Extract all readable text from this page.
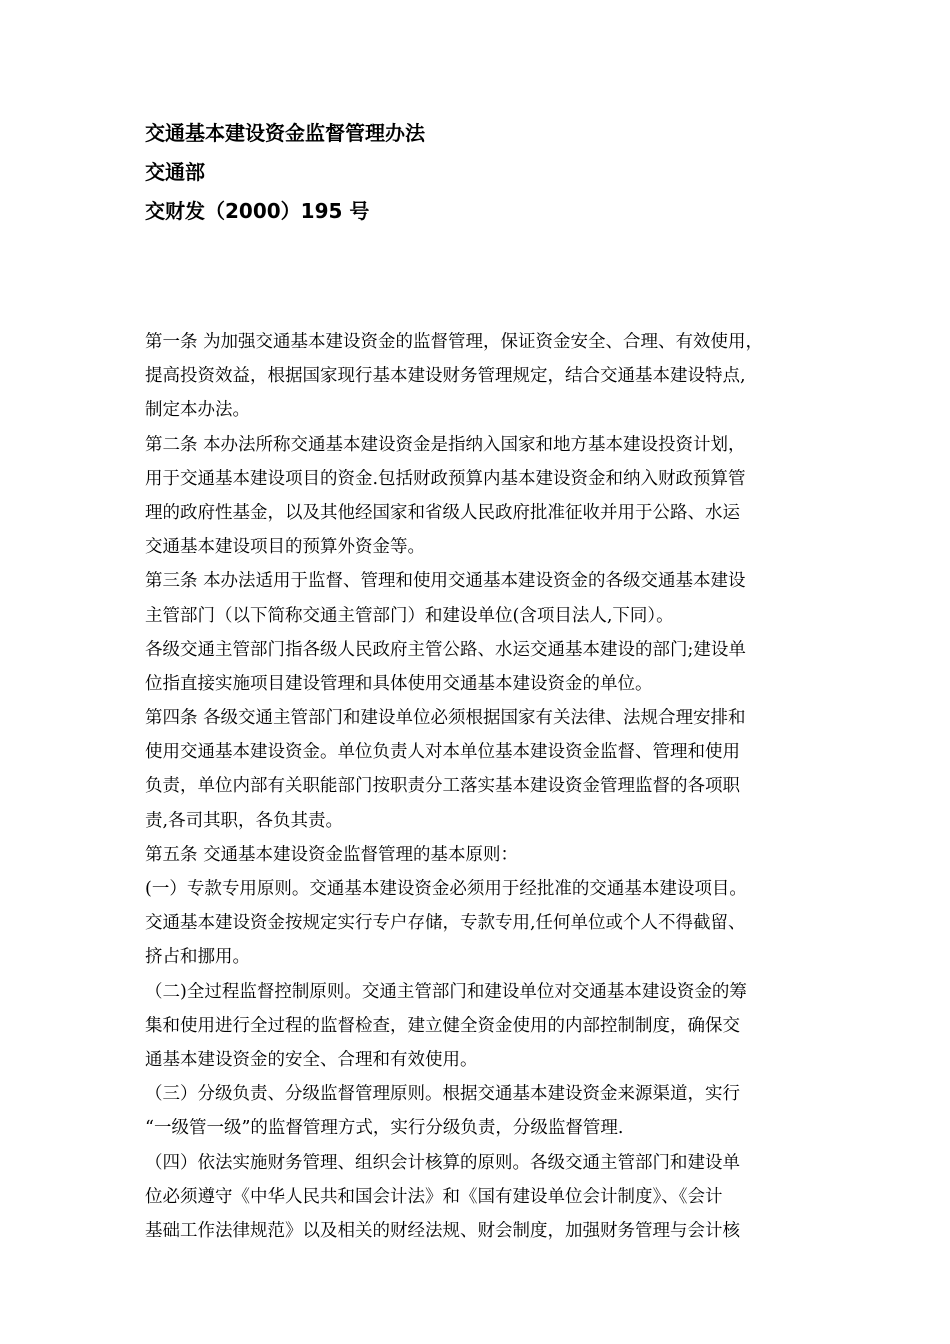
交通基本建设资金监督管理办法
交通部
交财发（2000）195 号
第一条 为加强交通基本建设资金的监督管理，保证资金安全、合理、有效使用，
提高投资效益，根据国家现行基本建设财务管理规定，结合交通基本建设特点,
制定本办法。
第二条 本办法所称交通基本建设资金是指纳入国家和地方基本建设投资计划，
用于交通基本建设项目的资金.包括财政预算内基本建设资金和纳入财政预算管
理的政府性基金，以及其他经国家和省级人民政府批准征收并用于公路、水运
交通基本建设项目的预算外资金等。
第三条 本办法适用于监督、管理和使用交通基本建设资金的各级交通基本建设
主管部门（以下简称交通主管部门）和建设单位(含项目法人,下同）。
各级交通主管部门指各级人民政府主管公路、水运交通基本建设的部门;建设单
位指直接实施项目建设管理和具体使用交通基本建设资金的单位。
第四条 各级交通主管部门和建设单位必须根据国家有关法律、法规合理安排和
使用交通基本建设资金。单位负责人对本单位基本建设资金监督、管理和使用
负责，单位内部有关职能部门按职责分工落实基本建设资金管理监督的各项职
责,各司其职，各负其责。
第五条 交通基本建设资金监督管理的基本原则：
(一）专款专用原则。交通基本建设资金必须用于经批准的交通基本建设项目。
交通基本建设资金按规定实行专户存储，专款专用,任何单位或个人不得截留、
挤占和挪用。
（二)全过程监督控制原则。交通主管部门和建设单位对交通基本建设资金的筹
集和使用进行全过程的监督检查，建立健全资金使用的内部控制制度，确保交
通基本建设资金的安全、合理和有效使用。
（三）分级负责、分级监督管理原则。根据交通基本建设资金来源渠道，实行
“一级管一级”的监督管理方式，实行分级负责，分级监督管理.
（四）依法实施财务管理、组织会计核算的原则。各级交通主管部门和建设单
位必须遵守《中华人民共和国会计法》和《国有建设单位会计制度》、《会计
基础工作法律规范》以及相关的财经法规、财会制度，加强财务管理与会计核
